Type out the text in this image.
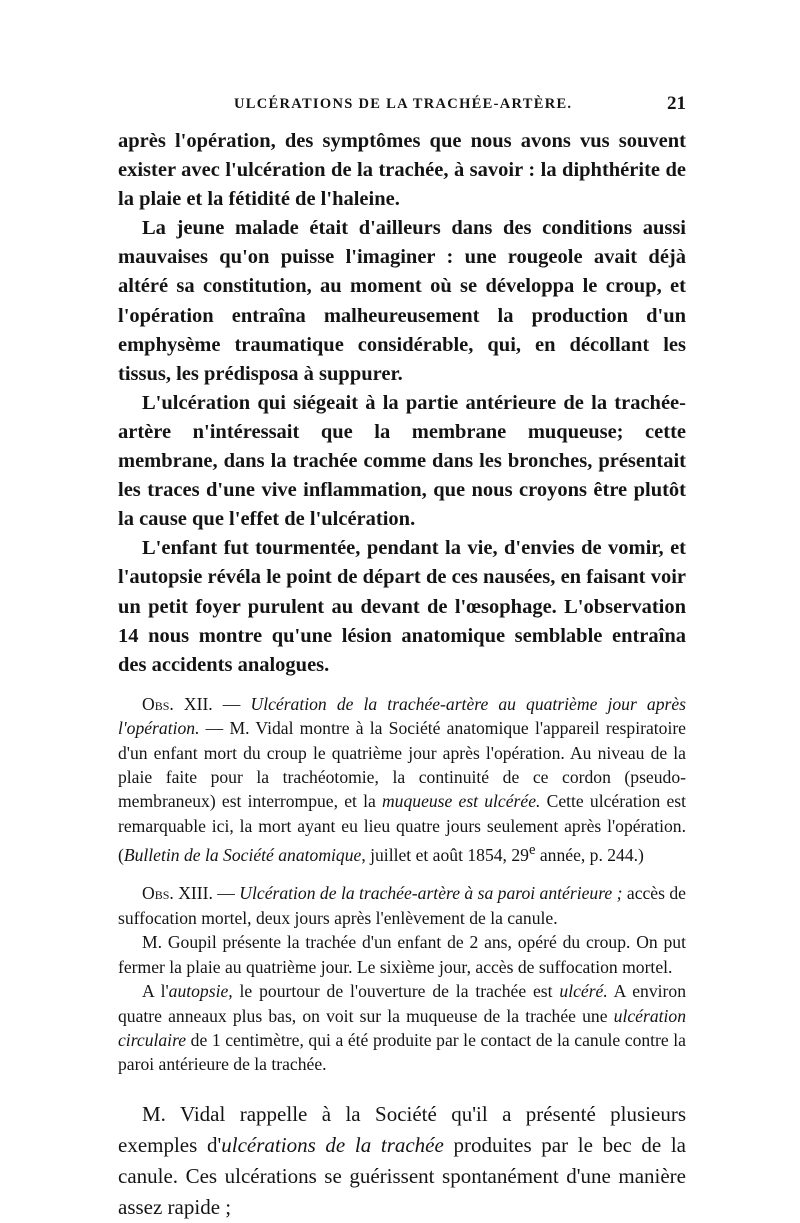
ULCÉRATIONS DE LA TRACHÉE-ARTÈRE.	21

après l'opération, des symptômes que nous avons vus souvent exister avec l'ulcération de la trachée, à savoir : la diphthérite de la plaie et la fétidité de l'haleine.

La jeune malade était d'ailleurs dans des conditions aussi mauvaises qu'on puisse l'imaginer : une rougeole avait déjà altéré sa constitution, au moment où se développa le croup, et l'opération entraîna malheureusement la production d'un emphysème traumatique considérable, qui, en décollant les tissus, les prédisposa à suppurer.

L'ulcération qui siégeait à la partie antérieure de la trachée-artère n'intéressait que la membrane muqueuse; cette membrane, dans la trachée comme dans les bronches, présentait les traces d'une vive inflammation, que nous croyons être plutôt la cause que l'effet de l'ulcération.

L'enfant fut tourmentée, pendant la vie, d'envies de vomir, et l'autopsie révéla le point de départ de ces nausées, en faisant voir un petit foyer purulent au devant de l'œsophage. L'observation 14 nous montre qu'une lésion anatomique semblable entraîna des accidents analogues.

Obs. XII. — Ulcération de la trachée-artère au quatrième jour après l'opération. — M. Vidal montre à la Société anatomique l'appareil respiratoire d'un enfant mort du croup le quatrième jour après l'opération. Au niveau de la plaie faite pour la trachéotomie, la continuité de ce cordon (pseudo-membraneux) est interrompue, et la muqueuse est ulcérée. Cette ulcération est remarquable ici, la mort ayant eu lieu quatre jours seulement après l'opération. (Bulletin de la Société anatomique, juillet et août 1854, 29e année, p. 244.)

Obs. XIII. — Ulcération de la trachée-artère à sa paroi antérieure ; accès de suffocation mortel, deux jours après l'enlèvement de la canule.

M. Goupil présente la trachée d'un enfant de 2 ans, opéré du croup. On put fermer la plaie au quatrième jour. Le sixième jour, accès de suffocation mortel.

A l'autopsie, le pourtour de l'ouverture de la trachée est ulcéré. A environ quatre anneaux plus bas, on voit sur la muqueuse de la trachée une ulcération circulaire de 1 centimètre, qui a été produite par le contact de la canule contre la paroi antérieure de la trachée.

M. Vidal rappelle à la Société qu'il a présenté plusieurs exemples d'ulcérations de la trachée produites par le bec de la canule. Ces ulcérations se guérissent spontanément d'une manière assez rapide ;
